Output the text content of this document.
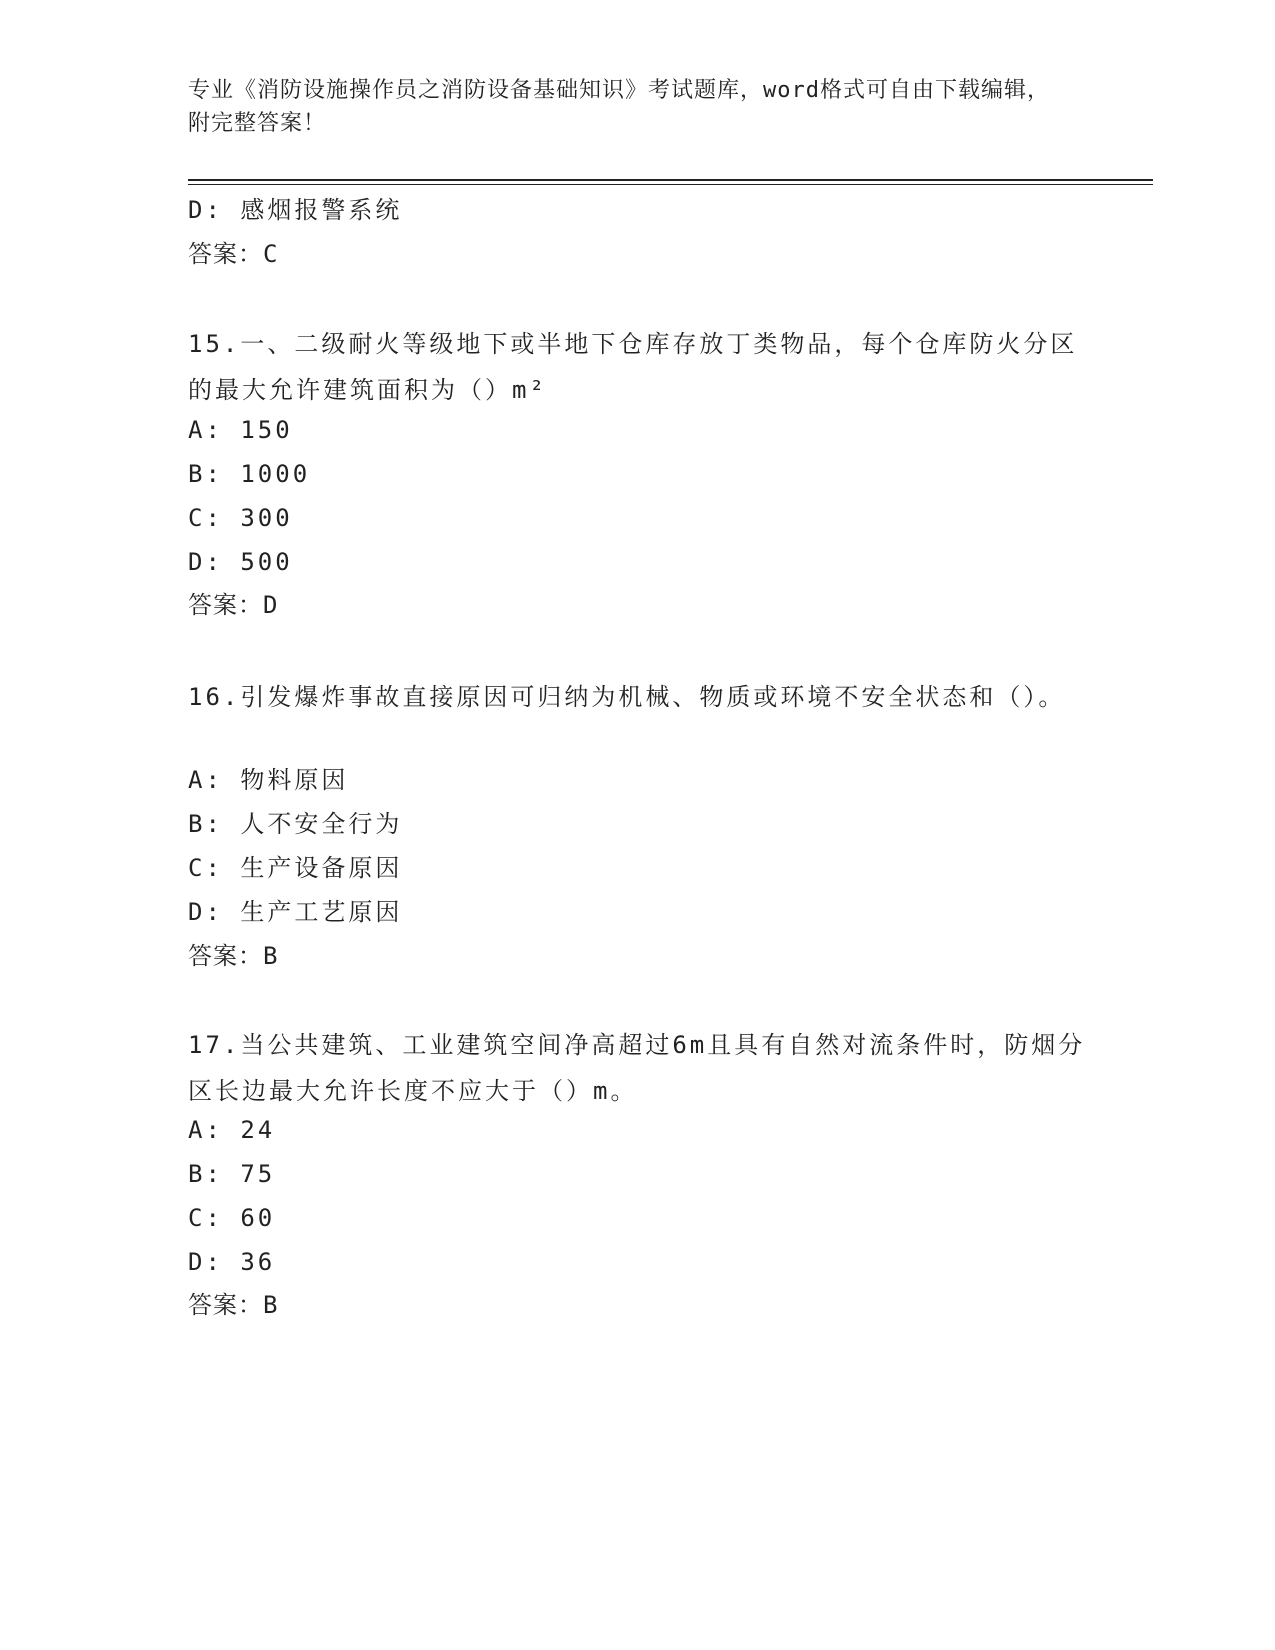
专业《消防设施操作员之消防设备基础知识》考试题库，word格式可自由下载编辑，附完整答案！
D: 感烟报警系统
答案：C
15.一、二级耐火等级地下或半地下仓库存放丁类物品，每个仓库防火分区的最大允许建筑面积为（）m²
A: 150
B: 1000
C: 300
D: 500
答案：D
16.引发爆炸事故直接原因可归纳为机械、物质或环境不安全状态和（）。
A: 物料原因
B: 人不安全行为
C: 生产设备原因
D: 生产工艺原因
答案：B
17.当公共建筑、工业建筑空间净高超过6m且具有自然对流条件时，防烟分区长边最大允许长度不应大于（）m。
A: 24
B: 75
C: 60
D: 36
答案：B
